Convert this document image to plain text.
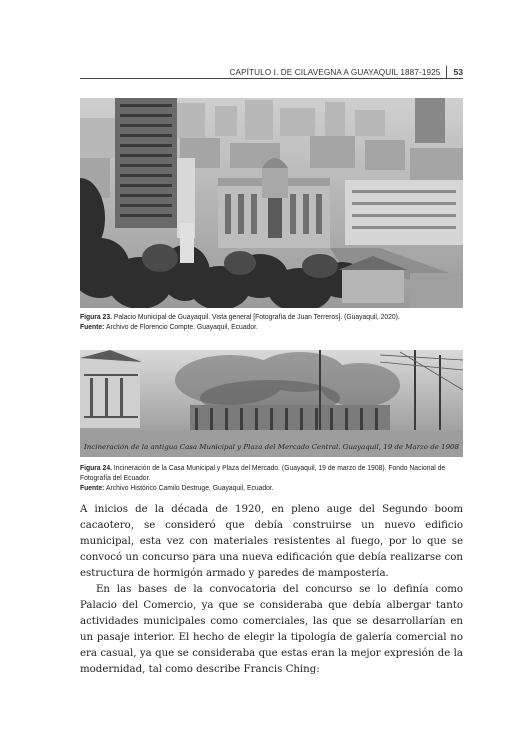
CAPÍTULO I. DE CILAVEGNA A GUAYAQUIL 1887-1925 53
Figura 23. Palacio Municipal de Guayaquil. Vista general [Fotografía de Juan Terreros]. (Guayaquil, 2020).
Fuente: Archivo de Florencio Compte. Guayaquil, Ecuador.
Incineración de la antigua Casa Municipal y Plaza del Mercado Central. Guayaquil, 19 de Marzo de 1908
Figura 24. Incineración de la Casa Municipal y Plaza del Mercado. (Guayaquil, 19 de marzo de 1908). Fondo Nacional de Fotografía del Ecuador.
Fuente: Archivo Histórico Camilo Destruge, Guayaquil, Ecuador.

A inicios de la década de 1920, en pleno auge del Segundo boom cacaotero, se consideró que debía construirse un nuevo edificio municipal, esta vez con materiales resistentes al fuego, por lo que se convocó un concurso para una nueva edificación que debía realizarse con estructura de hormigón armado y paredes de mampostería.

En las bases de la convocatoria del concurso se lo definía como Palacio del Comercio, ya que se consideraba que debía albergar tanto actividades municipales como comerciales, las que se desarrollarían en un pasaje interior. El hecho de elegir la tipología de galería comercial no era casual, ya que se consideraba que estas eran la mejor expresión de la modernidad, tal como describe Francis Ching:
